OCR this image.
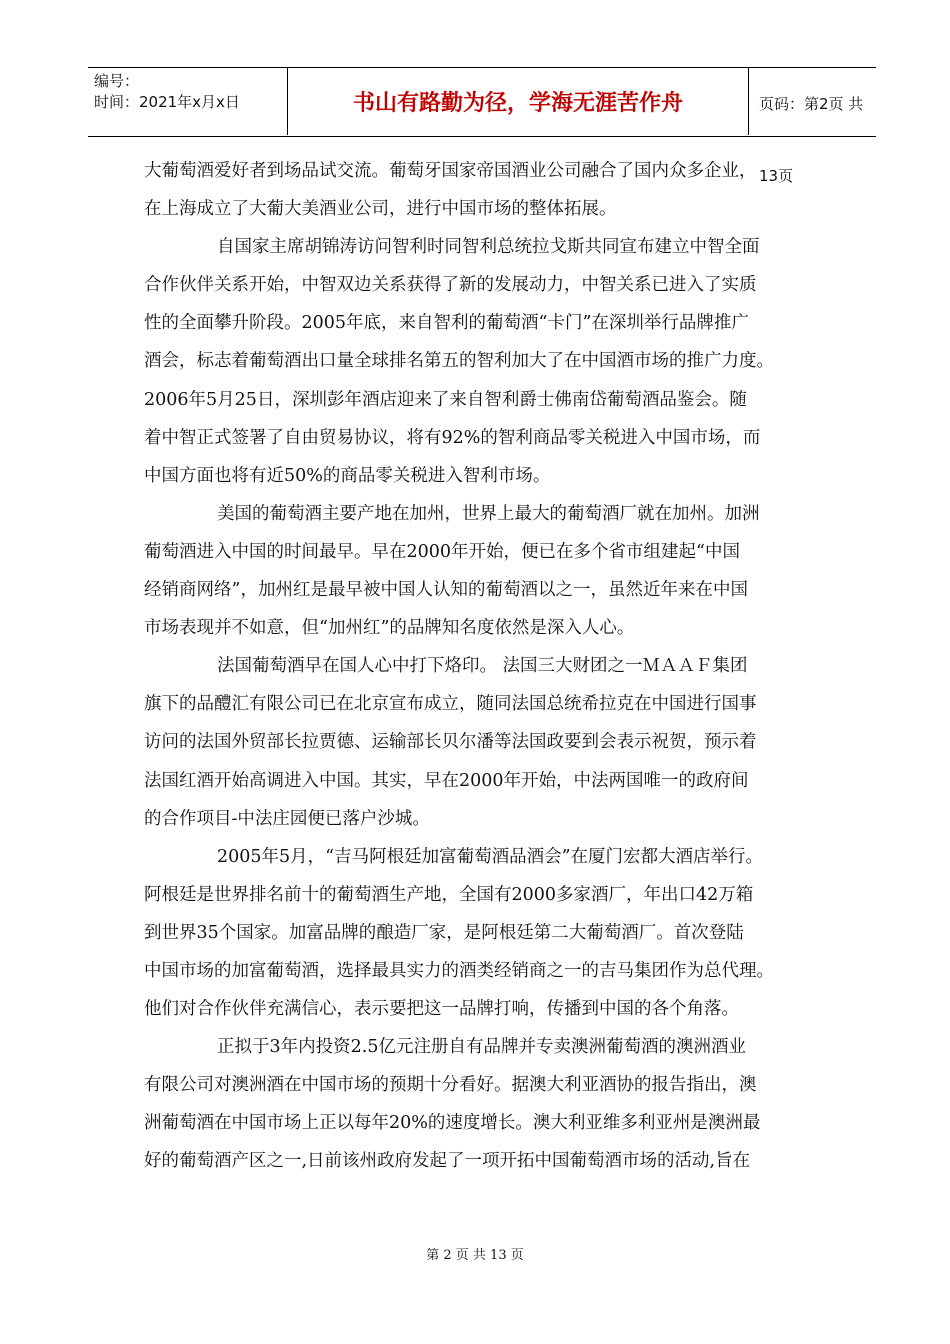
编号：
时间：2021年x月x日	书山有路勤为径，学海无涯苦作舟	页码：第2页 共13页
大葡萄酒爱好者到场品试交流。葡萄牙国家帝国酒业公司融合了国内众多企业，
在上海成立了大葡大美酒业公司，进行中国市场的整体拓展。
自国家主席胡锦涛访问智利时同智利总统拉戈斯共同宣布建立中智全面
合作伙伴关系开始，中智双边关系获得了新的发展动力，中智关系已进入了实质
性的全面攀升阶段。2005年底，来自智利的葡萄酒“卡门”在深圳举行品牌推广
酒会，标志着葡萄酒出口量全球排名第五的智利加大了在中国酒市场的推广力度。
2006年5月25日，深圳彭年酒店迎来了来自智利爵士佛南岱葡萄酒品鉴会。随
着中智正式签署了自由贸易协议，将有92%的智利商品零关税进入中国市场，而
中国方面也将有近50%的商品零关税进入智利市场。
美国的葡萄酒主要产地在加州，世界上最大的葡萄酒厂就在加州。加洲
葡萄酒进入中国的时间最早。早在2000年开始，便已在多个省市组建起“中国
经销商网络”，加州红是最早被中国人认知的葡萄酒以之一，虽然近年来在中国
市场表现并不如意，但“加州红”的品牌知名度依然是深入人心。
法国葡萄酒早在国人心中打下烙印。 法国三大财团之一ＭＡＡＦ集团
旗下的品醴汇有限公司已在北京宣布成立，随同法国总统希拉克在中国进行国事
访问的法国外贸部长拉贾德、运输部长贝尔潘等法国政要到会表示祝贺，预示着
法国红酒开始高调进入中国。其实，早在2000年开始，中法两国唯一的政府间
的合作项目-中法庄园便已落户沙城。
2005年5月，“吉马阿根廷加富葡萄酒品酒会”在厦门宏都大酒店举行。
阿根廷是世界排名前十的葡萄酒生产地，全国有2000多家酒厂，年出口42万箱
到世界35个国家。加富品牌的酿造厂家，是阿根廷第二大葡萄酒厂。首次登陆
中国市场的加富葡萄酒，选择最具实力的酒类经销商之一的吉马集团作为总代理。
他们对合作伙伴充满信心，表示要把这一品牌打响，传播到中国的各个角落。
正拟于3年内投资2.5亿元注册自有品牌并专卖澳洲葡萄酒的澳洲酒业
有限公司对澳洲酒在中国市场的预期十分看好。据澳大利亚酒协的报告指出，澳
洲葡萄酒在中国市场上正以每年20%的速度增长。澳大利亚维多利亚州是澳洲最
好的葡萄酒产区之一,日前该州政府发起了一项开拓中国葡萄酒市场的活动,旨在
第 2 页 共 13 页
